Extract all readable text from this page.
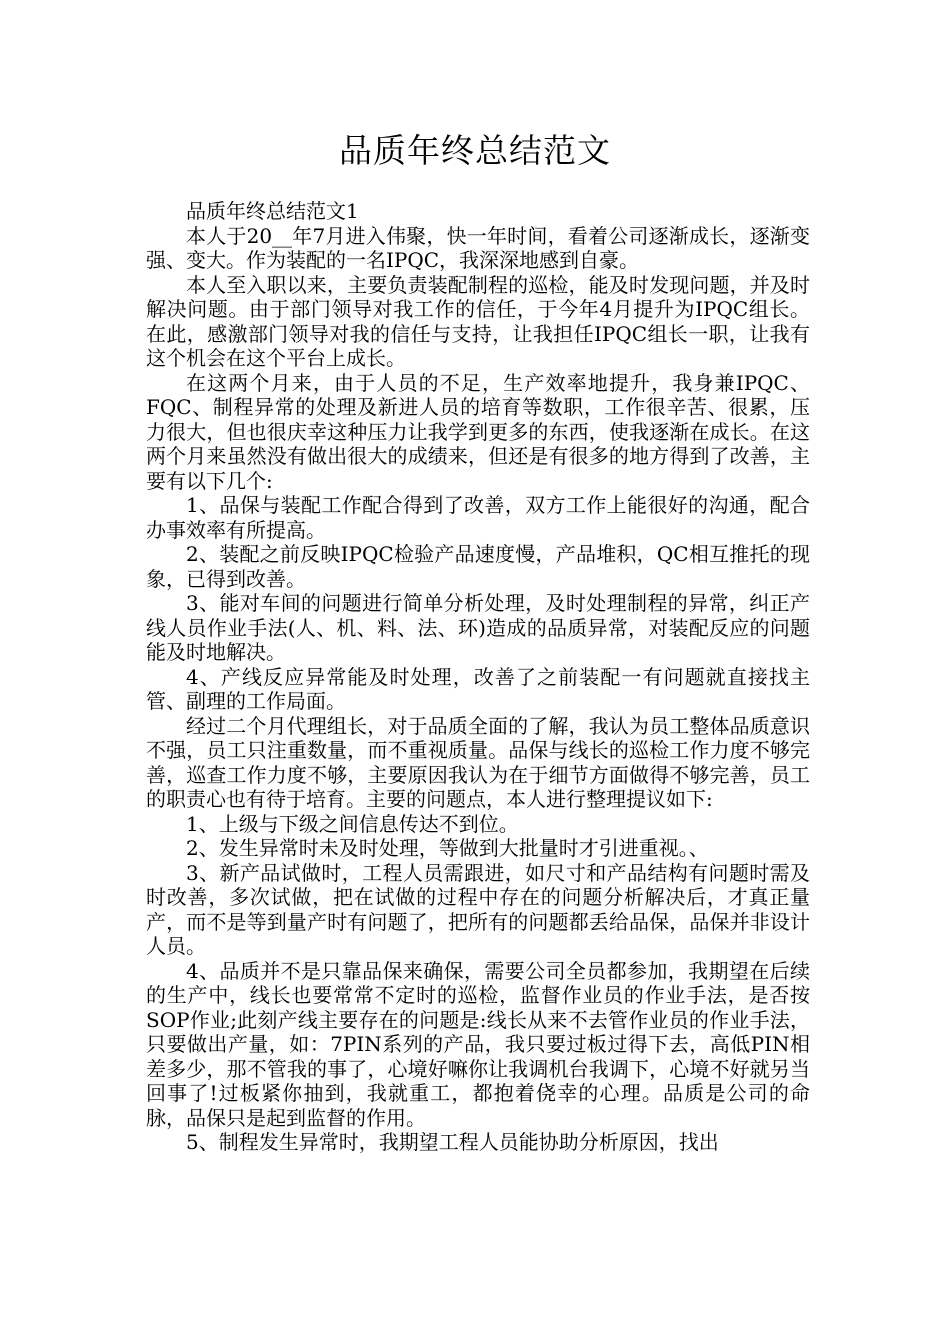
品质年终总结范文

品质年终总结范文1

本人于20__年7月进入伟聚，快一年时间，看着公司逐渐成长，逐渐变强、变大。作为装配的一名IPQC，我深深地感到自豪。

本人至入职以来，主要负责装配制程的巡检，能及时发现问题，并及时解决问题。由于部门领导对我工作的信任，于今年4月提升为IPQC组长。在此，感激部门领导对我的信任与支持，让我担任IPQC组长一职，让我有这个机会在这个平台上成长。

在这两个月来，由于人员的不足，生产效率地提升，我身兼IPQC、FQC、制程异常的处理及新进人员的培育等数职，工作很辛苦、很累，压力很大，但也很庆幸这种压力让我学到更多的东西，使我逐渐在成长。在这两个月来虽然没有做出很大的成绩来，但还是有很多的地方得到了改善，主要有以下几个:

1、品保与装配工作配合得到了改善，双方工作上能很好的沟通，配合办事效率有所提高。

2、装配之前反映IPQC检验产品速度慢，产品堆积，QC相互推托的现象，已得到改善。

3、能对车间的问题进行简单分析处理，及时处理制程的异常，纠正产线人员作业手法(人、机、料、法、环)造成的品质异常，对装配反应的问题能及时地解决。

4、产线反应异常能及时处理，改善了之前装配一有问题就直接找主管、副理的工作局面。

经过二个月代理组长，对于品质全面的了解，我认为员工整体品质意识不强，员工只注重数量，而不重视质量。品保与线长的巡检工作力度不够完善，巡查工作力度不够，主要原因我认为在于细节方面做得不够完善，员工的职责心也有待于培育。主要的问题点，本人进行整理提议如下:

1、上级与下级之间信息传达不到位。

2、发生异常时未及时处理，等做到大批量时才引进重视。、

3、新产品试做时，工程人员需跟进，如尺寸和产品结构有问题时需及时改善，多次试做，把在试做的过程中存在的问题分析解决后，才真正量产，而不是等到量产时有问题了，把所有的问题都丢给品保，品保并非设计人员。

4、品质并不是只靠品保来确保，需要公司全员都参加，我期望在后续的生产中，线长也要常常不定时的巡检，监督作业员的作业手法，是否按SOP作业;此刻产线主要存在的问题是:线长从来不去管作业员的作业手法，只要做出产量，如：7PIN系列的产品，我只要过板过得下去，高低PIN相差多少，那不管我的事了，心境好嘛你让我调机台我调下，心境不好就另当回事了!过板紧你抽到，我就重工，都抱着侥幸的心理。品质是公司的命脉，品保只是起到监督的作用。

5、制程发生异常时，我期望工程人员能协助分析原因，找出
